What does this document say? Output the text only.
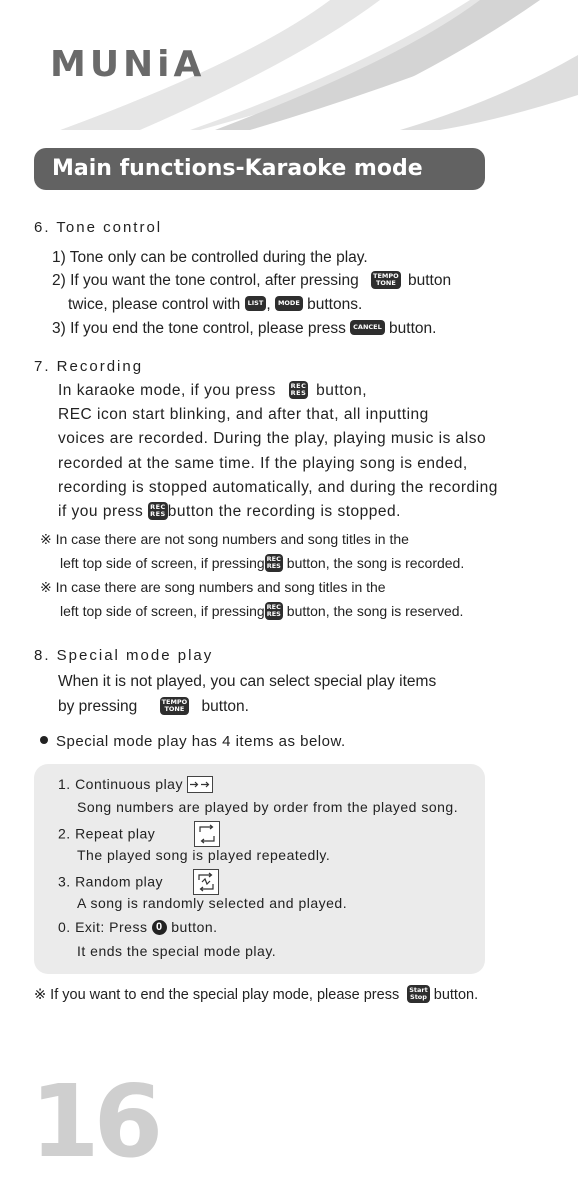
MUNiA
Main functions-Karaoke mode
6. Tone control
1) Tone only can be controlled during the play.
2) If you want the tone control, after pressing TEMPO
TONE button
twice, please control with LIST , MODE buttons.
3) If you end the tone control, please press CANCEL button.
7. Recording
In karaoke mode, if you press REC
RES button,
REC icon start blinking, and after that, all inputting
voices are recorded. During the play, playing music is also
recorded at the same time. If the playing song is ended,
recording is stopped automatically, and during the recording
if you press REC
RES button the recording is stopped.
※ In case there are not song numbers and song titles in the
left top side of screen, if pressing REC
RES button, the song is recorded.
※ In case there are song numbers and song titles in the
left top side of screen, if pressing REC
RES button, the song is reserved.
8. Special mode play
When it is not played, you can select special play items
by pressing	TEMPO
TONE button.
Special mode play has 4 items as below.
1. Continuous play
Song numbers are played by order from the played song.
2. Repeat play
The played song is played repeatedly.
3. Random play
A song is randomly selected and played.
0. Exit: Press 0 button.
It ends the special mode play.
※ If you want to end the special play mode, please press Start
Stop button.
16
